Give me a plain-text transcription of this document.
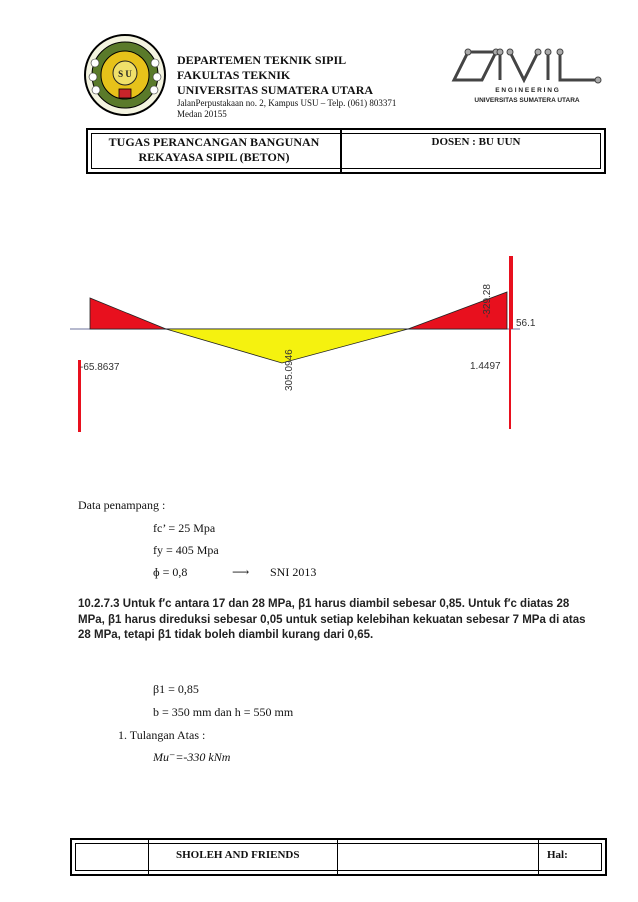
S U
DEPARTEMEN TEKNIK SIPIL
FAKULTAS TEKNIK
UNIVERSITAS SUMATERA UTARA
JalanPerpustakaan no. 2, Kampus USU – Telp. (061) 803371
Medan 20155
E N G I N E E R I N G
UNIVERSITAS SUMATERA UTARA
TUGAS PERANCANGAN BANGUNAN
REKAYASA SIPIL (BETON)
DOSEN : BU UUN
-65.8637	305.0946
-329.28
56.1
1.4497
Data penampang :
fc’ = 25 Mpa
fy = 405 Mpa
ɸ = 0,8	⟶ SNI 2013
10.2.7.3 Untuk f′c antara 17 dan 28 MPa, β1 harus diambil sebesar 0,85. Untuk f′c diatas 28 MPa, β1 harus direduksi sebesar 0,05 untuk setiap kelebihan kekuatan sebesar 7 MPa di atas 28 MPa, tetapi β1 tidak boleh diambil kurang dari 0,65.
β1 = 0,85
b = 350 mm dan h = 550 mm
1. Tulangan Atas :
Mu⁻=-330 kNm
SHOLEH AND FRIENDS	Hal:
